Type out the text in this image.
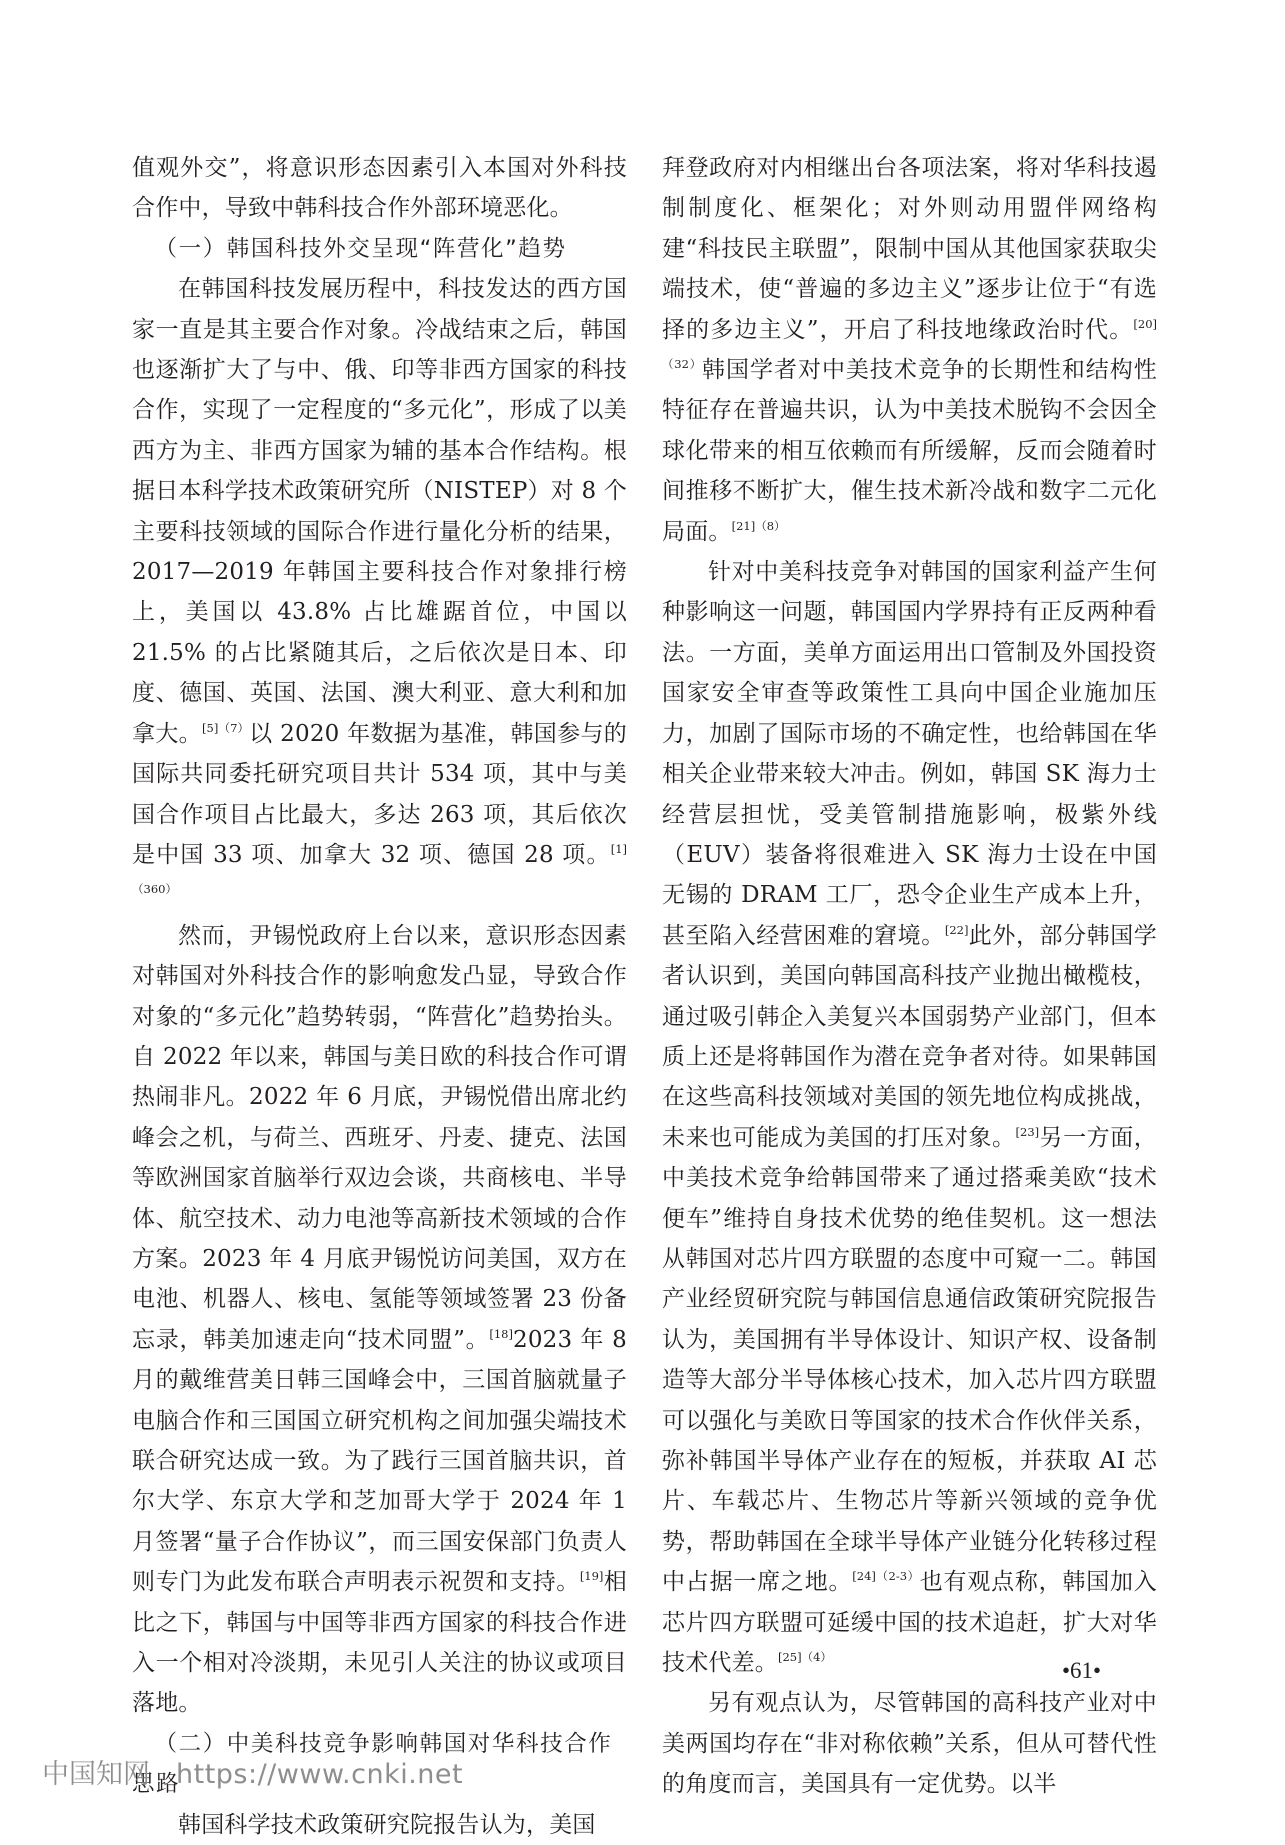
值观外交”，将意识形态因素引入本国对外科技合作中，导致中韩科技合作外部环境恶化。

（一）韩国科技外交呈现“阵营化”趋势

在韩国科技发展历程中，科技发达的西方国家一直是其主要合作对象。冷战结束之后，韩国也逐渐扩大了与中、俄、印等非西方国家的科技合作，实现了一定程度的“多元化”，形成了以美西方为主、非西方国家为辅的基本合作结构。根据日本科学技术政策研究所（NISTEP）对 8 个主要科技领域的国际合作进行量化分析的结果，2017—2019 年韩国主要科技合作对象排行榜上，美国以 43.8% 占比雄踞首位，中国以 21.5% 的占比紧随其后，之后依次是日本、印度、德国、英国、法国、澳大利亚、意大利和加拿大。$^{[5](7)}$以 2020 年数据为基准，韩国参与的国际共同委托研究项目共计 534 项，其中与美国合作项目占比最大，多达 263 项，其后依次是中国 33 项、加拿大 32 项、德国 28 项。$^{[1](360)}$

然而，尹锡悦政府上台以来，意识形态因素对韩国对外科技合作的影响愈发凸显，导致合作对象的“多元化”趋势转弱，“阵营化”趋势抬头。自 2022 年以来，韩国与美日欧的科技合作可谓热闹非凡。2022 年 6 月底，尹锡悦借出席北约峰会之机，与荷兰、西班牙、丹麦、捷克、法国等欧洲国家首脑举行双边会谈，共商核电、半导体、航空技术、动力电池等高新技术领域的合作方案。2023 年 4 月底尹锡悦访问美国，双方在电池、机器人、核电、氢能等领域签署 23 份备忘录，韩美加速走向“技术同盟”。[18]2023 年 8 月的戴维营美日韩三国峰会中，三国首脑就量子电脑合作和三国国立研究机构之间加强尖端技术联合研究达成一致。为了践行三国首脑共识，首尔大学、东京大学和芝加哥大学于 2024 年 1 月签署“量子合作协议”，而三国安保部门负责人则专门为此发布联合声明表示祝贺和支持。[19]相比之下，韩国与中国等非西方国家的科技合作进入一个相对冷淡期，未见引人关注的协议或项目落地。

（二）中美科技竞争影响韩国对华科技合作思路

韩国科学技术政策研究院报告认为，美国

拜登政府对内相继出台各项法案，将对华科技遏制制度化、框架化；对外则动用盟伴网络构建“科技民主联盟”，限制中国从其他国家获取尖端技术，使“普遍的多边主义”逐步让位于“有选择的多边主义”，开启了科技地缘政治时代。$^{[20](32)}$韩国学者对中美技术竞争的长期性和结构性特征存在普遍共识，认为中美技术脱钩不会因全球化带来的相互依赖而有所缓解，反而会随着时间推移不断扩大，催生技术新冷战和数字二元化局面。$^{[21](8)}$

针对中美科技竞争对韩国的国家利益产生何种影响这一问题，韩国国内学界持有正反两种看法。一方面，美单方面运用出口管制及外国投资国家安全审查等政策性工具向中国企业施加压力，加剧了国际市场的不确定性，也给韩国在华相关企业带来较大冲击。例如，韩国 SK 海力士经营层担忧，受美管制措施影响，极紫外线（EUV）装备将很难进入 SK 海力士设在中国无锡的 DRAM 工厂，恐令企业生产成本上升，甚至陷入经营困难的窘境。[22]此外，部分韩国学者认识到，美国向韩国高科技产业抛出橄榄枝，通过吸引韩企入美复兴本国弱势产业部门，但本质上还是将韩国作为潜在竞争者对待。如果韩国在这些高科技领域对美国的领先地位构成挑战，未来也可能成为美国的打压对象。[23]另一方面，中美技术竞争给韩国带来了通过搭乘美欧“技术便车”维持自身技术优势的绝佳契机。这一想法从韩国对芯片四方联盟的态度中可窥一二。韩国产业经贸研究院与韩国信息通信政策研究院报告认为，美国拥有半导体设计、知识产权、设备制造等大部分半导体核心技术，加入芯片四方联盟可以强化与美欧日等国家的技术合作伙伴关系，弥补韩国半导体产业存在的短板，并获取 AI 芯片、车载芯片、生物芯片等新兴领域的竞争优势，帮助韩国在全球半导体产业链分化转移过程中占据一席之地。$^{[24](2-3)}$也有观点称，韩国加入芯片四方联盟可延缓中国的技术追赶，扩大对华技术代差。$^{[25](4)}$

另有观点认为，尽管韩国的高科技产业对中美两国均存在“非对称依赖”关系，但从可替代性的角度而言，美国具有一定优势。以半

•61•
中国知网 https://www.cnki.net
